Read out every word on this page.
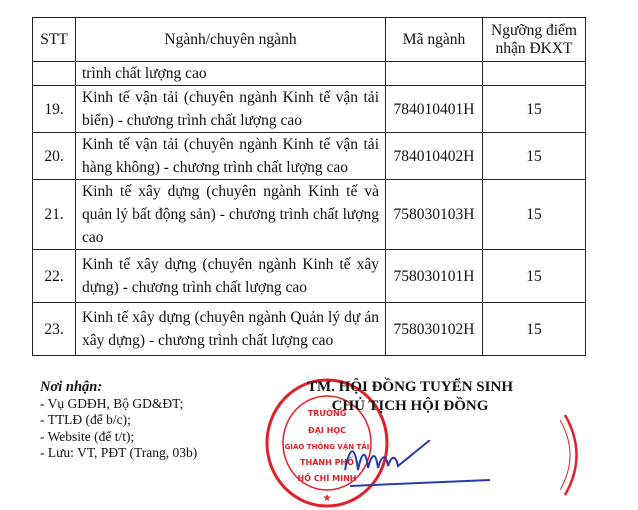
STT	Ngành/chuyên ngành	Mã ngành	Ngưỡng điểm nhận ĐKXT
	trình chất lượng cao		
19.	Kinh tế vận tải (chuyên ngành Kinh tế vận tải biển) - chương trình chất lượng cao	784010401H	15
20.	Kinh tế vận tải (chuyên ngành Kinh tế vận tải hàng không) - chương trình chất lượng cao	784010402H	15
21.	Kinh tế xây dựng (chuyên ngành Kinh tế và quản lý bất động sản) - chương trình chất lượng cao	758030103H	15
22.	Kinh tế xây dựng (chuyên ngành Kinh tế xây dựng) - chương trình chất lượng cao	758030101H	15
23.	Kinh tế xây dựng (chuyên ngành Quản lý dự án xây dựng) - chương trình chất lượng cao	758030102H	15
Nơi nhận:
- Vụ GDĐH, Bộ GD&ĐT;
- TTLĐ (để b/c);
- Website (để t/t);
- Lưu: VT, PĐT (Trang, 03b)
TRƯỜNG
ĐẠI HỌC
GIAO THÔNG VẬN TẢI
THÀNH PHỐ
HỒ CHÍ MINH
★
TM. HỘI ĐỒNG TUYỂN SINH
CHỦ TỊCH HỘI ĐỒNG
